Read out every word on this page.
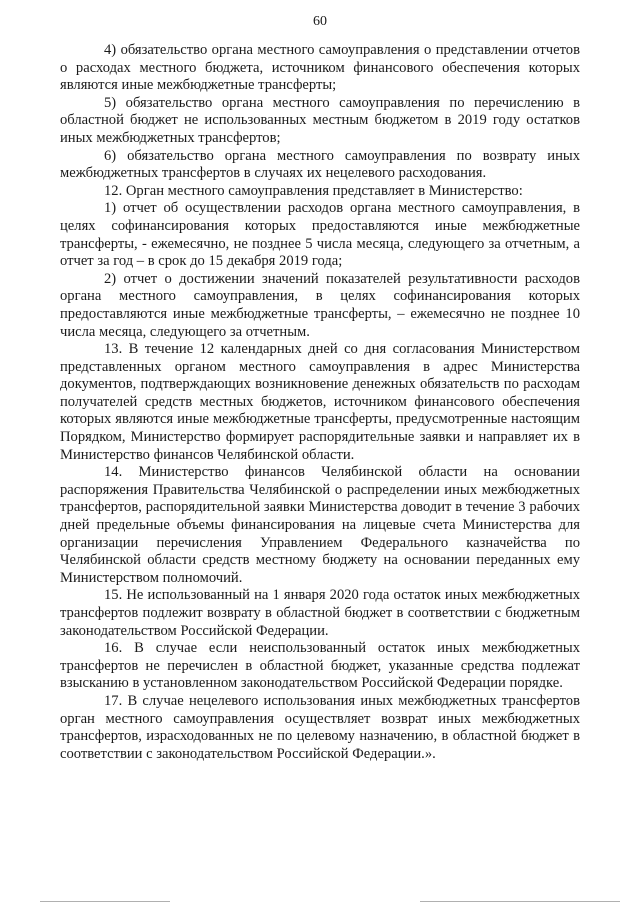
60

4) обязательство органа местного самоуправления о представлении отчетов о расходах местного бюджета, источником финансового обеспечения которых являются иные межбюджетные трансферты;

5) обязательство органа местного самоуправления по перечислению в областной бюджет не использованных местным бюджетом в 2019 году остатков иных межбюджетных трансфертов;

6) обязательство органа местного самоуправления по возврату иных межбюджетных трансфертов в случаях их нецелевого расходования.

12. Орган местного самоуправления представляет в Министерство:

1) отчет об осуществлении расходов органа местного самоуправления, в целях софинансирования которых предоставляются иные межбюджетные трансферты, - ежемесячно, не позднее 5 числа месяца, следующего за отчетным, а отчет за год – в срок до 15 декабря 2019 года;

2) отчет о достижении значений показателей результативности расходов органа местного самоуправления, в целях софинансирования которых предоставляются иные межбюджетные трансферты, – ежемесячно не позднее 10 числа месяца, следующего за отчетным.

13. В течение 12 календарных дней со дня согласования Министерством представленных органом местного самоуправления в адрес Министерства документов, подтверждающих возникновение денежных обязательств по расходам получателей средств местных бюджетов, источником финансового обеспечения которых являются иные межбюджетные трансферты, предусмотренные настоящим Порядком, Министерство формирует распорядительные заявки и направляет их в Министерство финансов Челябинской области.

14. Министерство финансов Челябинской области на основании распоряжения Правительства Челябинской о распределении иных межбюджетных трансфертов, распорядительной заявки Министерства доводит в течение 3 рабочих дней предельные объемы финансирования на лицевые счета Министерства для организации перечисления Управлением Федерального казначейства по Челябинской области средств местному бюджету на основании переданных ему Министерством полномочий.

15. Не использованный на 1 января 2020 года остаток иных межбюджетных трансфертов подлежит возврату в областной бюджет в соответствии с бюджетным законодательством Российской Федерации.

16. В случае если неиспользованный остаток иных межбюджетных трансфертов не перечислен в областной бюджет, указанные средства подлежат взысканию в установленном законодательством Российской Федерации порядке.

17. В случае нецелевого использования иных межбюджетных трансфертов орган местного самоуправления осуществляет возврат иных межбюджетных трансфертов, израсходованных не по целевому назначению, в областной бюджет в соответствии с законодательством Российской Федерации.».
